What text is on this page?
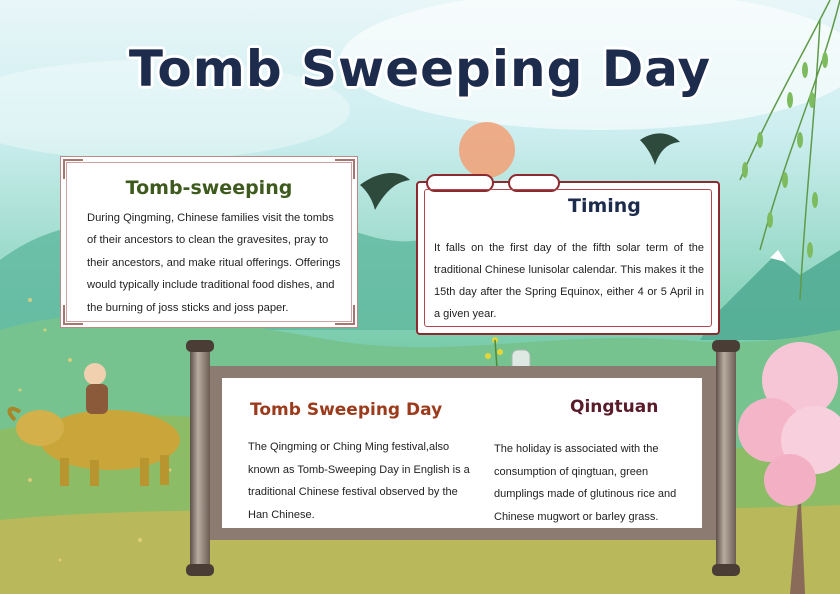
Tomb Sweeping Day
Tomb-sweeping

During Qingming, Chinese families visit the tombs of their ancestors to clean the gravesites, pray to their ancestors, and make ritual offerings. Offerings would typically include traditional food dishes, and the burning of joss sticks and joss paper.

Timing

It falls on the first day of the fifth solar term of the traditional Chinese lunisolar calendar. This makes it the 15th day after the Spring Equinox, either 4 or 5 April in a given year.

Tomb Sweeping Day

The Qingming or Ching Ming festival,also known as Tomb-Sweeping Day in English is a traditional Chinese festival observed by the Han Chinese.

Qingtuan

The holiday is associated with the consumption of qingtuan, green dumplings made of glutinous rice and Chinese mugwort or barley grass.
